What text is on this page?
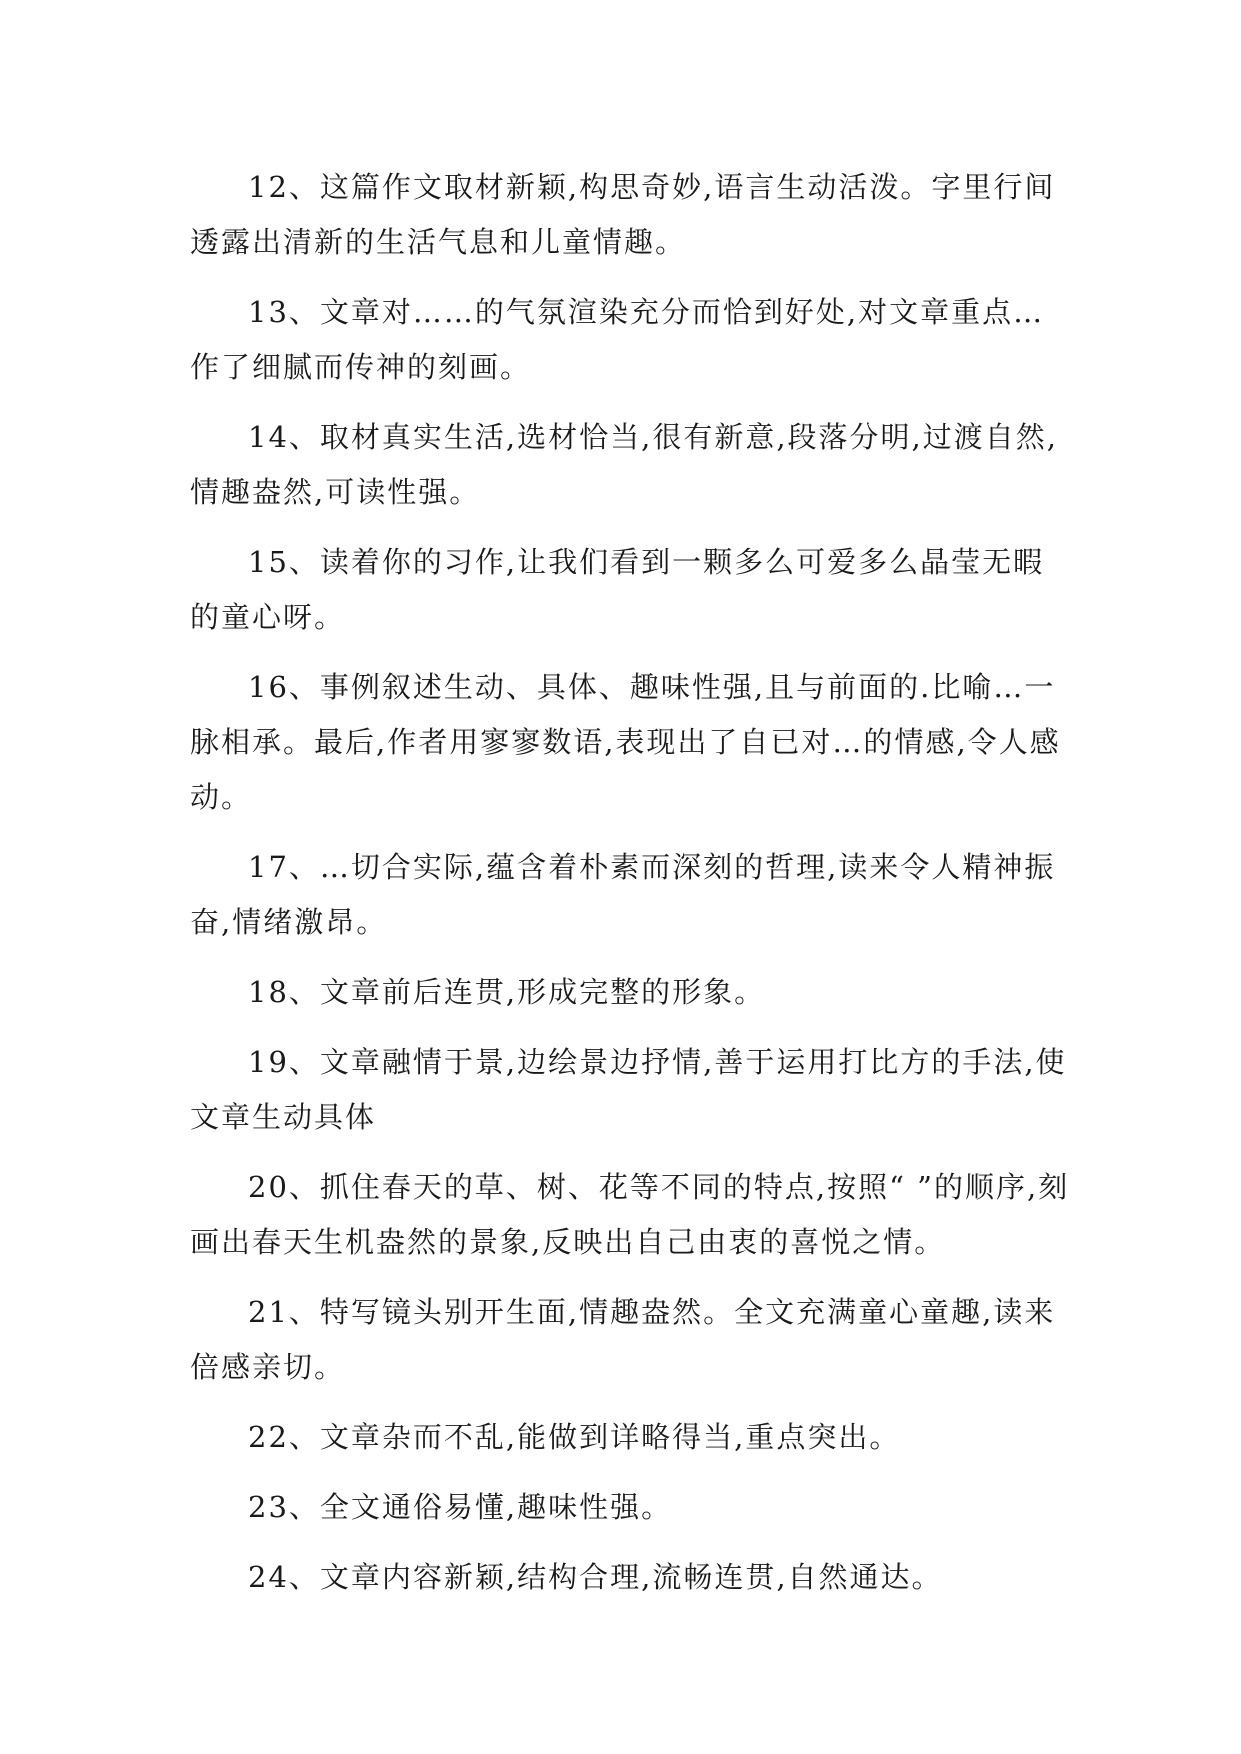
12、这篇作文取材新颖,构思奇妙,语言生动活泼。字里行间透露出清新的生活气息和儿童情趣。

13、文章对……的气氛渲染充分而恰到好处,对文章重点…作了细腻而传神的刻画。

14、取材真实生活,选材恰当,很有新意,段落分明,过渡自然,情趣盎然,可读性强。

15、读着你的习作,让我们看到一颗多么可爱多么晶莹无暇的童心呀。

16、事例叙述生动、具体、趣味性强,且与前面的.比喻…一脉相承。最后,作者用寥寥数语,表现出了自已对…的情感,令人感动。

17、…切合实际,蕴含着朴素而深刻的哲理,读来令人精神振奋,情绪激昂。

18、文章前后连贯,形成完整的形象。

19、文章融情于景,边绘景边抒情,善于运用打比方的手法,使文章生动具体

20、抓住春天的草、树、花等不同的特点,按照“ ”的顺序,刻画出春天生机盎然的景象,反映出自己由衷的喜悦之情。

21、特写镜头别开生面,情趣盎然。全文充满童心童趣,读来倍感亲切。

22、文章杂而不乱,能做到详略得当,重点突出。

23、全文通俗易懂,趣味性强。

24、文章内容新颖,结构合理,流畅连贯,自然通达。
